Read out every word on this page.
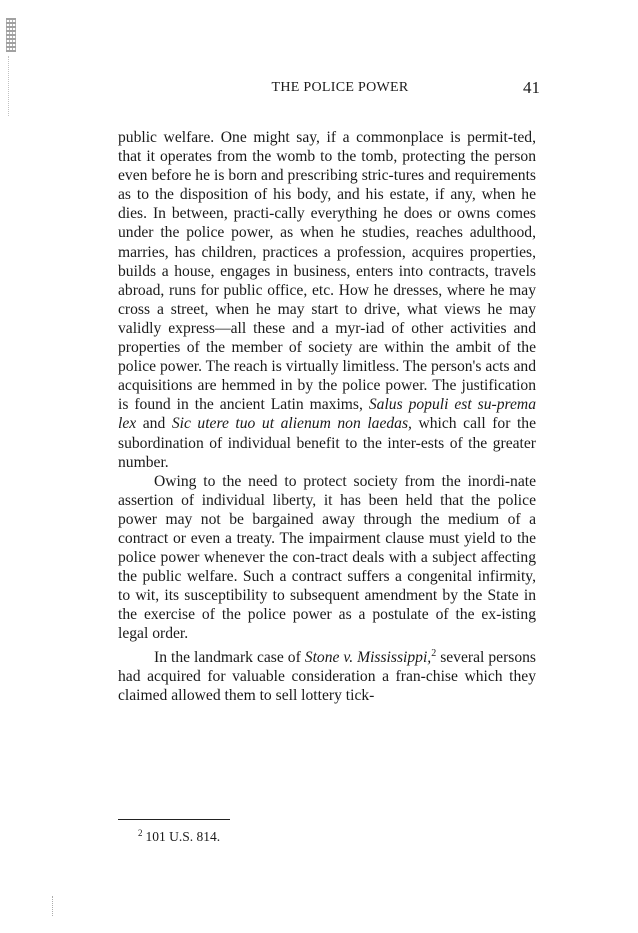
THE POLICE POWER	41

public welfare. One might say, if a commonplace is permit-ted, that it operates from the womb to the tomb, protecting the person even before he is born and prescribing stric-tures and requirements as to the disposition of his body, and his estate, if any, when he dies. In between, practi-cally everything he does or owns comes under the police power, as when he studies, reaches adulthood, marries, has children, practices a profession, acquires properties, builds a house, engages in business, enters into contracts, travels abroad, runs for public office, etc. How he dresses, where he may cross a street, when he may start to drive, what views he may validly express—all these and a myr-iad of other activities and properties of the member of society are within the ambit of the police power. The reach is virtually limitless. The person's acts and acquisitions are hemmed in by the police power. The justification is found in the ancient Latin maxims, Salus populi est su-prema lex and Sic utere tuo ut alienum non laedas, which call for the subordination of individual benefit to the inter-ests of the greater number.

Owing to the need to protect society from the inordi-nate assertion of individual liberty, it has been held that the police power may not be bargained away through the medium of a contract or even a treaty. The impairment clause must yield to the police power whenever the con-tract deals with a subject affecting the public welfare. Such a contract suffers a congenital infirmity, to wit, its susceptibility to subsequent amendment by the State in the exercise of the police power as a postulate of the ex-isting legal order.

In the landmark case of Stone v. Mississippi,$^2$ several persons had acquired for valuable consideration a fran-chise which they claimed allowed them to sell lottery tick-

$^2$ 101 U.S. 814.
